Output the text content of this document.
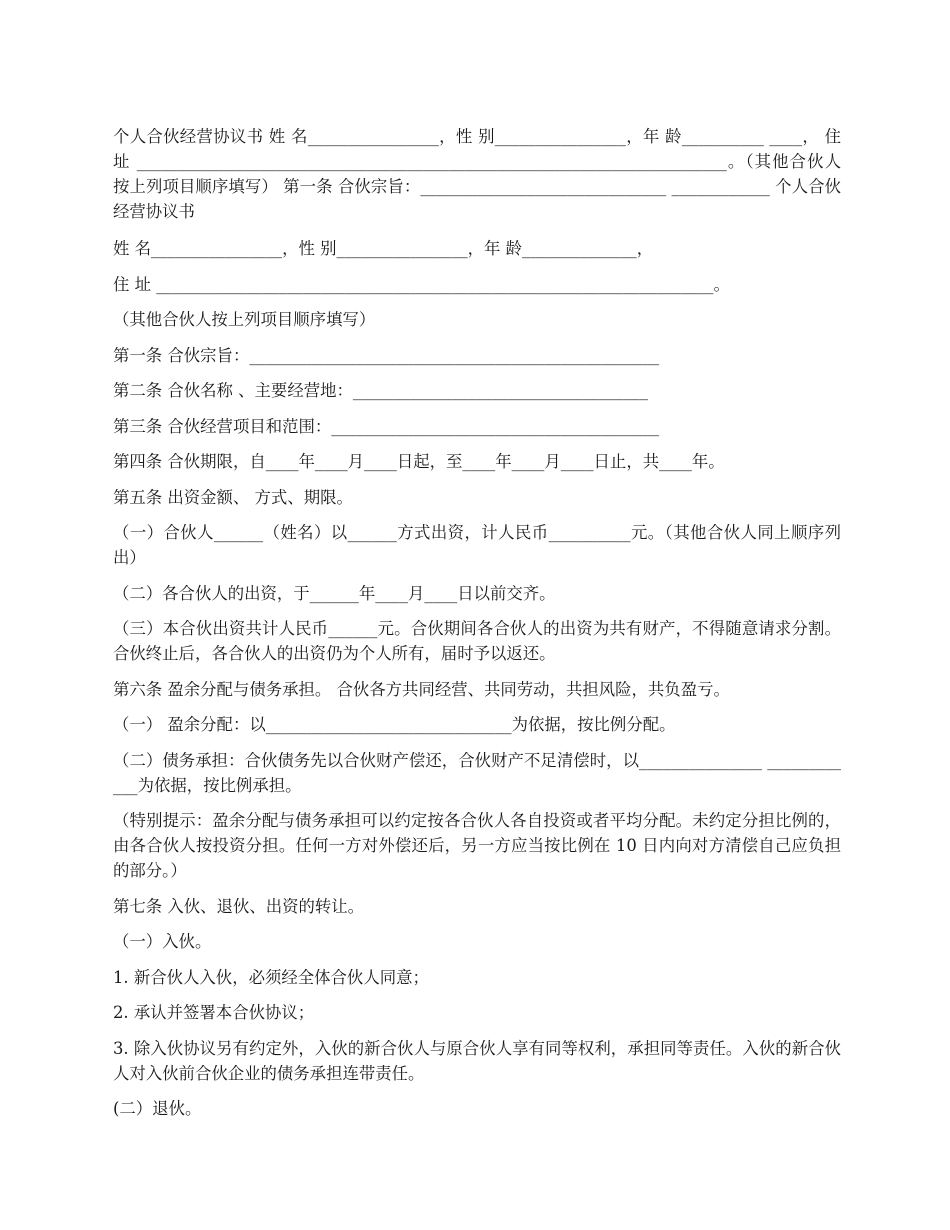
个人合伙经营协议书 姓 名________________，性 别________________，年 龄__________ ____， 住 址 ________________________________________________________________________。（其他合伙人按上列项目顺序填写） 第一条 合伙宗旨：______________________________ ____________ 个人合伙经营协议书

姓 名________________，性 别________________，年 龄______________，

住 址 ____________________________________________________________________。

（其他合伙人按上列项目顺序填写）

第一条 合伙宗旨：__________________________________________________

第二条 合伙名称 、主要经营地：____________________________________

第三条 合伙经营项目和范围：________________________________________

第四条 合伙期限，自____年____月____日起，至____年____月____日止，共____年。

第五条 出资金额、 方式、期限。

（一）合伙人______（姓名）以______方式出资，计人民币__________元。（其他合伙人同上顺序列出）

（二）各合伙人的出资，于______年____月____日以前交齐。

（三）本合伙出资共计人民币______元。合伙期间各合伙人的出资为共有财产，不得随意请求分割。合伙终止后，各合伙人的出资仍为个人所有，届时予以返还。

第六条 盈余分配与债务承担。 合伙各方共同经营、共同劳动，共担风险，共负盈亏。

（一） 盈余分配：以______________________________为依据，按比例分配。

（二）债务承担：合伙债务先以合伙财产偿还，合伙财产不足清偿时，以_______________ ____________为依据，按比例承担。

（特别提示：盈余分配与债务承担可以约定按各合伙人各自投资或者平均分配。未约定分担比例的，由各合伙人按投资分担。任何一方对外偿还后，另一方应当按比例在 10 日内向对方清偿自己应负担的部分。）

第七条 入伙、退伙、出资的转让。

（一）入伙。

1. 新合伙人入伙，必须经全体合伙人同意；

2. 承认并签署本合伙协议；

3. 除入伙协议另有约定外，入伙的新合伙人与原合伙人享有同等权利，承担同等责任。入伙的新合伙人对入伙前合伙企业的债务承担连带责任。

(二）退伙。
